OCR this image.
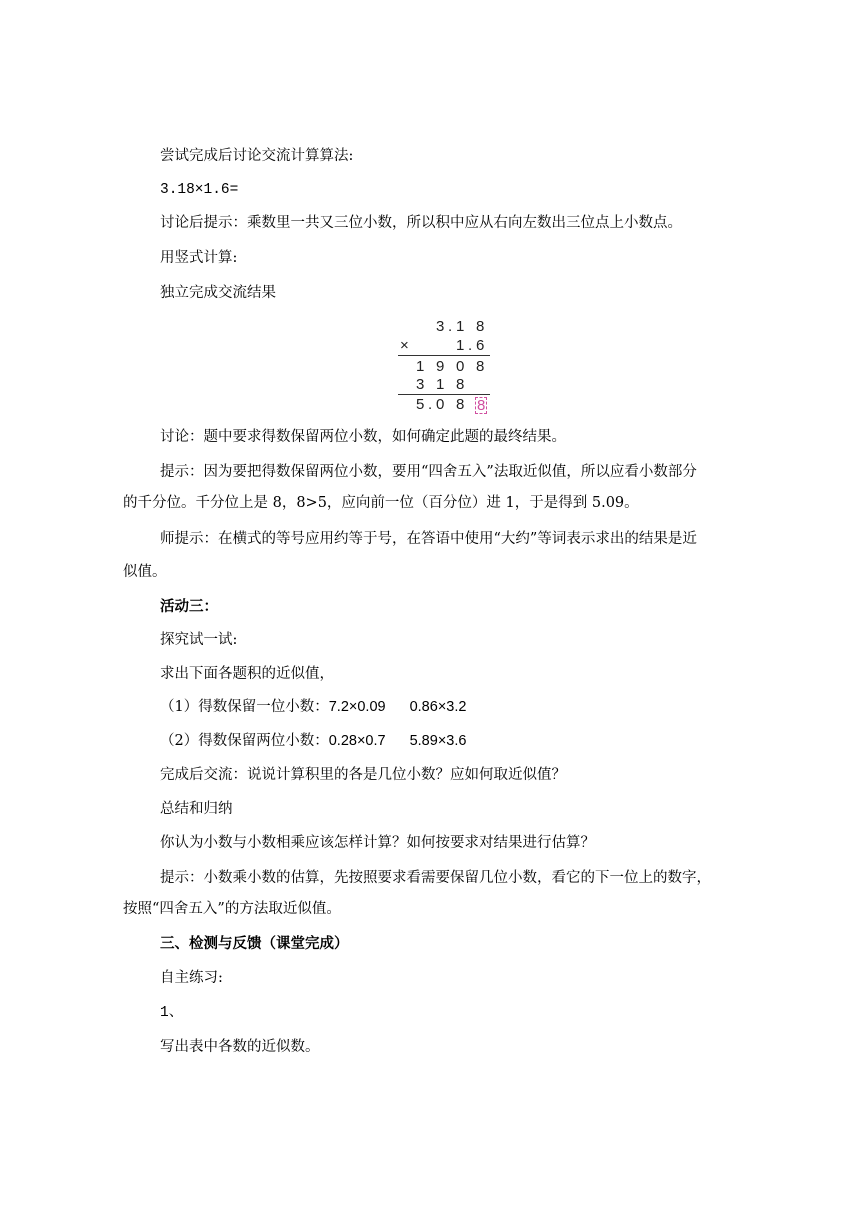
尝试完成后讨论交流计算算法:
3.18×1.6=
讨论后提示：乘数里一共又三位小数，所以积中应从右向左数出三位点上小数点。
用竖式计算:
独立完成交流结果
3 . 1 8
×	1 . 6
1 9 0 8
3 1 8
5 . 0 8 8
讨论：题中要求得数保留两位小数，如何确定此题的最终结果。
提示：因为要把得数保留两位小数，要用“四舍五入”法取近似值，所以应看小数部分
的千分位。千分位上是 8，8>5，应向前一位（百分位）进 1，于是得到 5.09。
师提示：在横式的等号应用约等于号，在答语中使用“大约”等词表示求出的结果是近
似值。
活动三：
探究试一试:
求出下面各题积的近似值，
（1）得数保留一位小数：7.2×0.09 0.86×3.2
（2）得数保留两位小数：0.28×0.7 5.89×3.6
完成后交流：说说计算积里的各是几位小数？应如何取近似值？
总结和归纳
你认为小数与小数相乘应该怎样计算？如何按要求对结果进行估算？
提示：小数乘小数的估算，先按照要求看需要保留几位小数，看它的下一位上的数字，
按照“四舍五入”的方法取近似值。
三、检测与反馈（课堂完成）
自主练习:
1、
写出表中各数的近似数。
